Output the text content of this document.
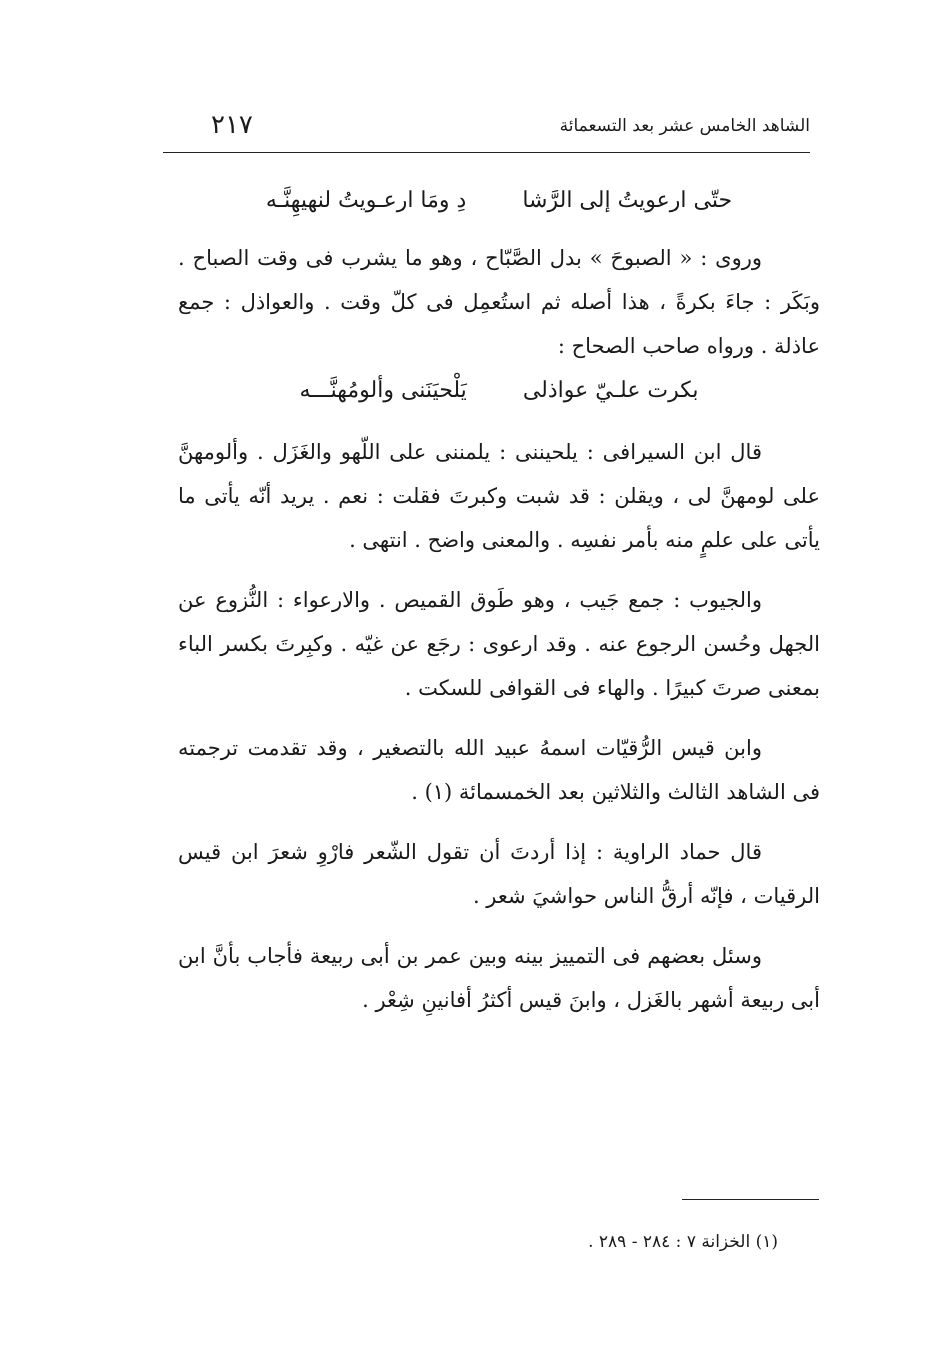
الشاهد الخامس عشر بعد التسعمائة
٢١٧
حتّى ارعويتُ إلى الرَّشا
دِ ومَا ارعـويتُ لنهيهِنَّـه

وروى : « الصبوحَ » بدل الصَّبّاح ، وهو ما يشرب فى وقت الصباح . وبَكَر : جاءَ بكرةً ، هذا أصله ثم استُعمِل فى كلّ وقت . والعواذل : جمع عاذلة . ورواه صاحب الصحاح :

بكرت علـيّ عواذلى
يَلْحيَنَنى وألومُهنَّـــه

قال ابن السيرافى : يلحيننى : يلمننى على اللّهو والغَزَل . وألومهنَّ على لومهنَّ لى ، ويقلن : قد شبت وكبرتَ فقلت : نعم . يريد أنّه يأتى ما يأتى على علمٍ منه بأمر نفسِه . والمعنى واضح . انتهى .

والجيوب : جمع جَيب ، وهو طَوق القميص . والارعواء : النُّزوع عن الجهل وحُسن الرجوع عنه . وقد ارعوى : رجَع عن غيّه . وكبِرتَ بكسر الباء بمعنى صرتَ كبيرًا . والهاء فى القوافى للسكت .

وابن قيس الرُّقيّات اسمهُ عبيد الله بالتصغير ، وقد تقدمت ترجمته فى الشاهد الثالث والثلاثين بعد الخمسمائة (١) .

قال حماد الراوية : إذا أردتَ أن تقول الشّعر فارْوِ شعرَ ابن قيس الرقيات ، فإنّه أرقُّ الناس حواشيَ شعر .

وسئل بعضهم فى التمييز بينه وبين عمر بن أبى ربيعة فأجاب بأنَّ ابن أبى ربيعة أشهر بالغَزل ، وابنَ قيس أكثرُ أفانينِ شِعْر .

(١) الخزانة ٧ : ٢٨٤ - ٢٨٩ .
